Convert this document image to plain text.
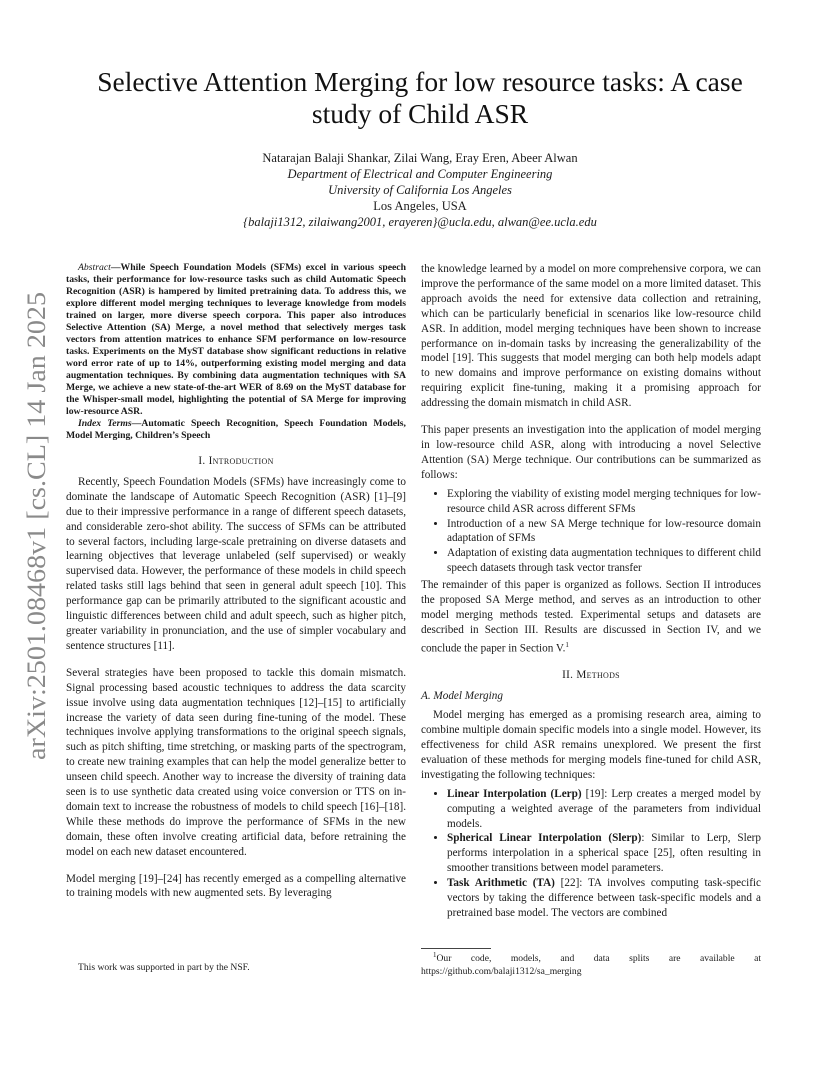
arXiv:2501.08468v1 [cs.CL] 14 Jan 2025
Selective Attention Merging for low resource tasks: A case
study of Child ASR
Natarajan Balaji Shankar, Zilai Wang, Eray Eren, Abeer Alwan
Department of Electrical and Computer Engineering
University of California Los Angeles
Los Angeles, USA
{balaji1312, zilaiwang2001, erayeren}@ucla.edu, alwan@ee.ucla.edu

Abstract—While Speech Foundation Models (SFMs) excel in various speech tasks, their performance for low-resource tasks such as child Automatic Speech Recognition (ASR) is hampered by limited pretraining data. To address this, we explore different model merging techniques to leverage knowledge from models trained on larger, more diverse speech corpora. This paper also introduces Selective Attention (SA) Merge, a novel method that selectively merges task vectors from attention matrices to enhance SFM performance on low-resource tasks. Experiments on the MyST database show significant reductions in relative word error rate of up to 14%, outperforming existing model merging and data augmentation techniques. By combining data augmentation techniques with SA Merge, we achieve a new state-of-the-art WER of 8.69 on the MyST database for the Whisper-small model, highlighting the potential of SA Merge for improving low-resource ASR.

Index Terms—Automatic Speech Recognition, Speech Foundation Models, Model Merging, Children’s Speech

I. Introduction

Recently, Speech Foundation Models (SFMs) have increasingly come to dominate the landscape of Automatic Speech Recognition (ASR) [1]–[9] due to their impressive performance in a range of different speech datasets, and considerable zero-shot ability. The success of SFMs can be attributed to several factors, including large-scale pretraining on diverse datasets and learning objectives that leverage unlabeled (self supervised) or weakly supervised data. However, the performance of these models in child speech related tasks still lags behind that seen in general adult speech [10]. This performance gap can be primarily attributed to the significant acoustic and linguistic differences between child and adult speech, such as higher pitch, greater variability in pronunciation, and the use of simpler vocabulary and sentence structures [11].

Several strategies have been proposed to tackle this domain mismatch. Signal processing based acoustic techniques to address the data scarcity issue involve using data augmentation techniques [12]–[15] to artificially increase the variety of data seen during fine-tuning of the model. These techniques involve applying transformations to the original speech signals, such as pitch shifting, time stretching, or masking parts of the spectrogram, to create new training examples that can help the model generalize better to unseen child speech. Another way to increase the diversity of training data seen is to use synthetic data created using voice conversion or TTS on in-domain text to increase the robustness of models to child speech [16]–[18]. While these methods do improve the performance of SFMs in the new domain, these often involve creating artificial data, before retraining the model on each new dataset encountered.

Model merging [19]–[24] has recently emerged as a compelling alternative to training models with new augmented sets. By leveraging

This work was supported in part by the NSF.

the knowledge learned by a model on more comprehensive corpora, we can improve the performance of the same model on a more limited dataset. This approach avoids the need for extensive data collection and retraining, which can be particularly beneficial in scenarios like low-resource child ASR. In addition, model merging techniques have been shown to increase performance on in-domain tasks by increasing the generalizability of the model [19]. This suggests that model merging can both help models adapt to new domains and improve performance on existing domains without requiring explicit fine-tuning, making it a promising approach for addressing the domain mismatch in child ASR.

This paper presents an investigation into the application of model merging in low-resource child ASR, along with introducing a novel Selective Attention (SA) Merge technique. Our contributions can be summarized as follows:

• Exploring the viability of existing model merging techniques for low-resource child ASR across different SFMs
• Introduction of a new SA Merge technique for low-resource domain adaptation of SFMs
• Adaptation of existing data augmentation techniques to different child speech datasets through task vector transfer

The remainder of this paper is organized as follows. Section II introduces the proposed SA Merge method, and serves as an introduction to other model merging methods tested. Experimental setups and datasets are described in Section III. Results are discussed in Section IV, and we conclude the paper in Section V.$^1$

II. Methods
A. Model Merging

Model merging has emerged as a promising research area, aiming to combine multiple domain specific models into a single model. However, its effectiveness for child ASR remains unexplored. We present the first evaluation of these methods for merging models fine-tuned for child ASR, investigating the following techniques:

• Linear Interpolation (Lerp) [19]: Lerp creates a merged model by computing a weighted average of the parameters from individual models.
• Spherical Linear Interpolation (Slerp): Similar to Lerp, Slerp performs interpolation in a spherical space [25], often resulting in smoother transitions between model parameters.
• Task Arithmetic (TA) [22]: TA involves computing task-specific vectors by taking the difference between task-specific models and a pretrained base model. The vectors are combined

$^1$Our code, models, and data splits are available at https://github.com/balaji1312/sa_merging
